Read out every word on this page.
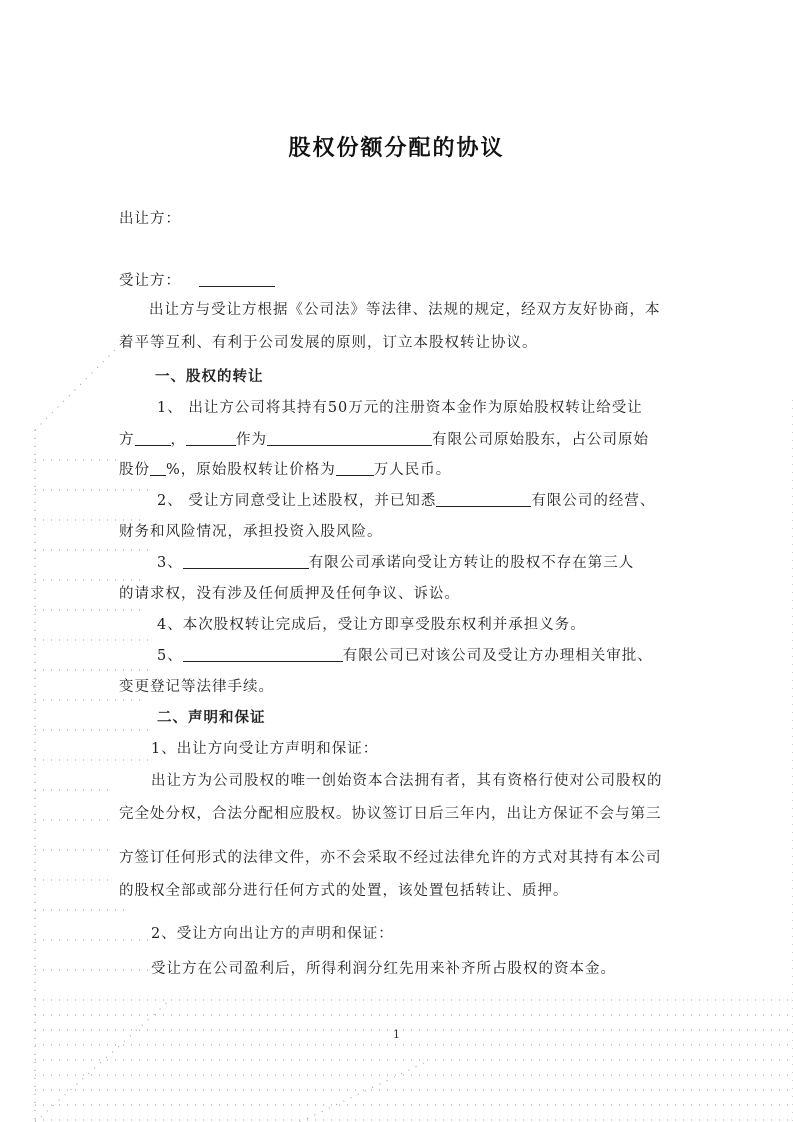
股权份额分配的协议
出让方：
受让方：
出让方与受让方根据《公司法》等法律、法规的规定，经双方友好协商，本
着平等互利、有利于公司发展的原则，订立本股权转让协议。
一、股权的转让
1、 出让方公司将其持有50万元的注册资本金作为原始股权转让给受让
方 ，	作为	有限公司原始股东，占公司原始
股份 %，原始股权转让价格为	万人民币。
2、 受让方同意受让上述股权，并已知悉	有限公司的经营、
财务和风险情况，承担投资入股风险。
3、	有限公司承诺向受让方转让的股权不存在第三人
的请求权，没有涉及任何质押及任何争议、诉讼。
4、本次股权转让完成后，受让方即享受股东权利并承担义务。
5、	有限公司已对该公司及受让方办理相关审批、
变更登记等法律手续。
二、声明和保证
1、出让方向受让方声明和保证：
出让方为公司股权的唯一创始资本合法拥有者，其有资格行使对公司股权的
完全处分权，合法分配相应股权。协议签订日后三年内，出让方保证不会与第三
方签订任何形式的法律文件，亦不会采取不经过法律允许的方式对其持有本公司
的股权全部或部分进行任何方式的处置，该处置包括转让、质押。
2、受让方向出让方的声明和保证：
受让方在公司盈利后，所得利润分红先用来补齐所占股权的资本金。
1
